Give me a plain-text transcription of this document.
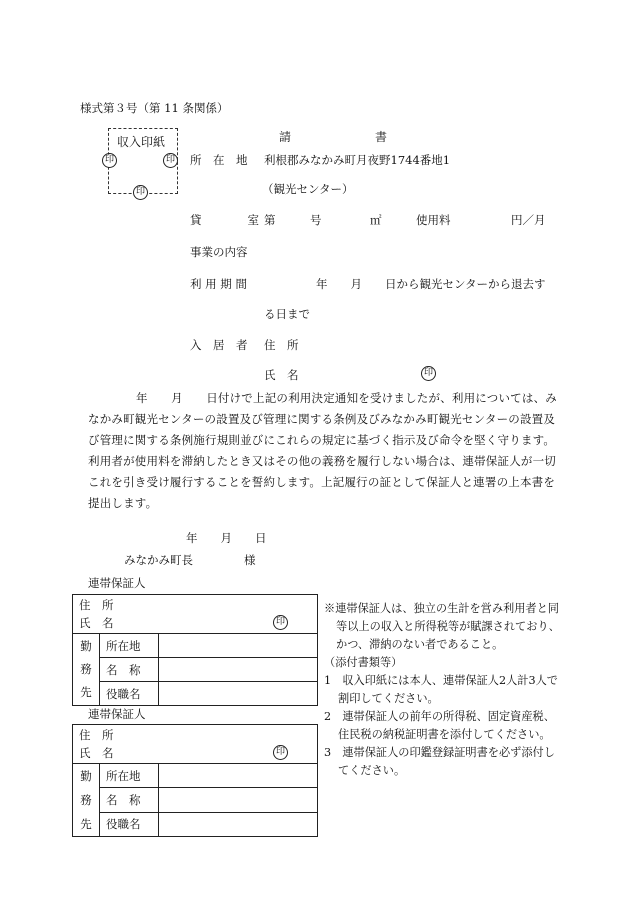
様式第３号（第 11 条関係）
収入印紙
印	印
印
請　　　　　　　書
所　在　地 利根郡みなかみ町月夜野1744番地1
（観光センター）
貸　　　　室 第　　　号	㎡	使用料	円／月
事業の内容
利 用 期 間	年　　月　　日から観光センターから退去す
る日まで
入　居　者 住　所
氏　名	印
年　　月　　日付けで上記の利用決定通知を受けましたが、利用については、みなかみ町観光センターの設置及び管理に関する条例及びみなかみ町観光センターの設置及び管理に関する条例施行規則並びにこれらの規定に基づく指示及び命令を堅く守ります。利用者が使用料を滞納したとき又はその他の義務を履行しない場合は、連帯保証人が一切これを引き受け履行することを誓約します。上記履行の証として保証人と連署の上本書を提出します。
年　　月　　日
みなかみ町長	様
連帯保証人
住　所
氏　名 印		

勤
務
先	所在地	
	名　称	
	役職名	
連帯保証人
住　所
氏　名 印		

勤
務
先	所在地	
	名　称	
	役職名	
※連帯保証人は、独立の生計を営み利用者と同等以上の収入と所得税等が賦課されており、かつ、滞納のない者であること。
（添付書類等）
1　 収入印紙には本人、連帯保証人2人計3人で割印してください。
2　 連帯保証人の前年の所得税、固定資産税、住民税の納税証明書を添付してください。
3　 連帯保証人の印鑑登録証明書を必ず添付してください。
